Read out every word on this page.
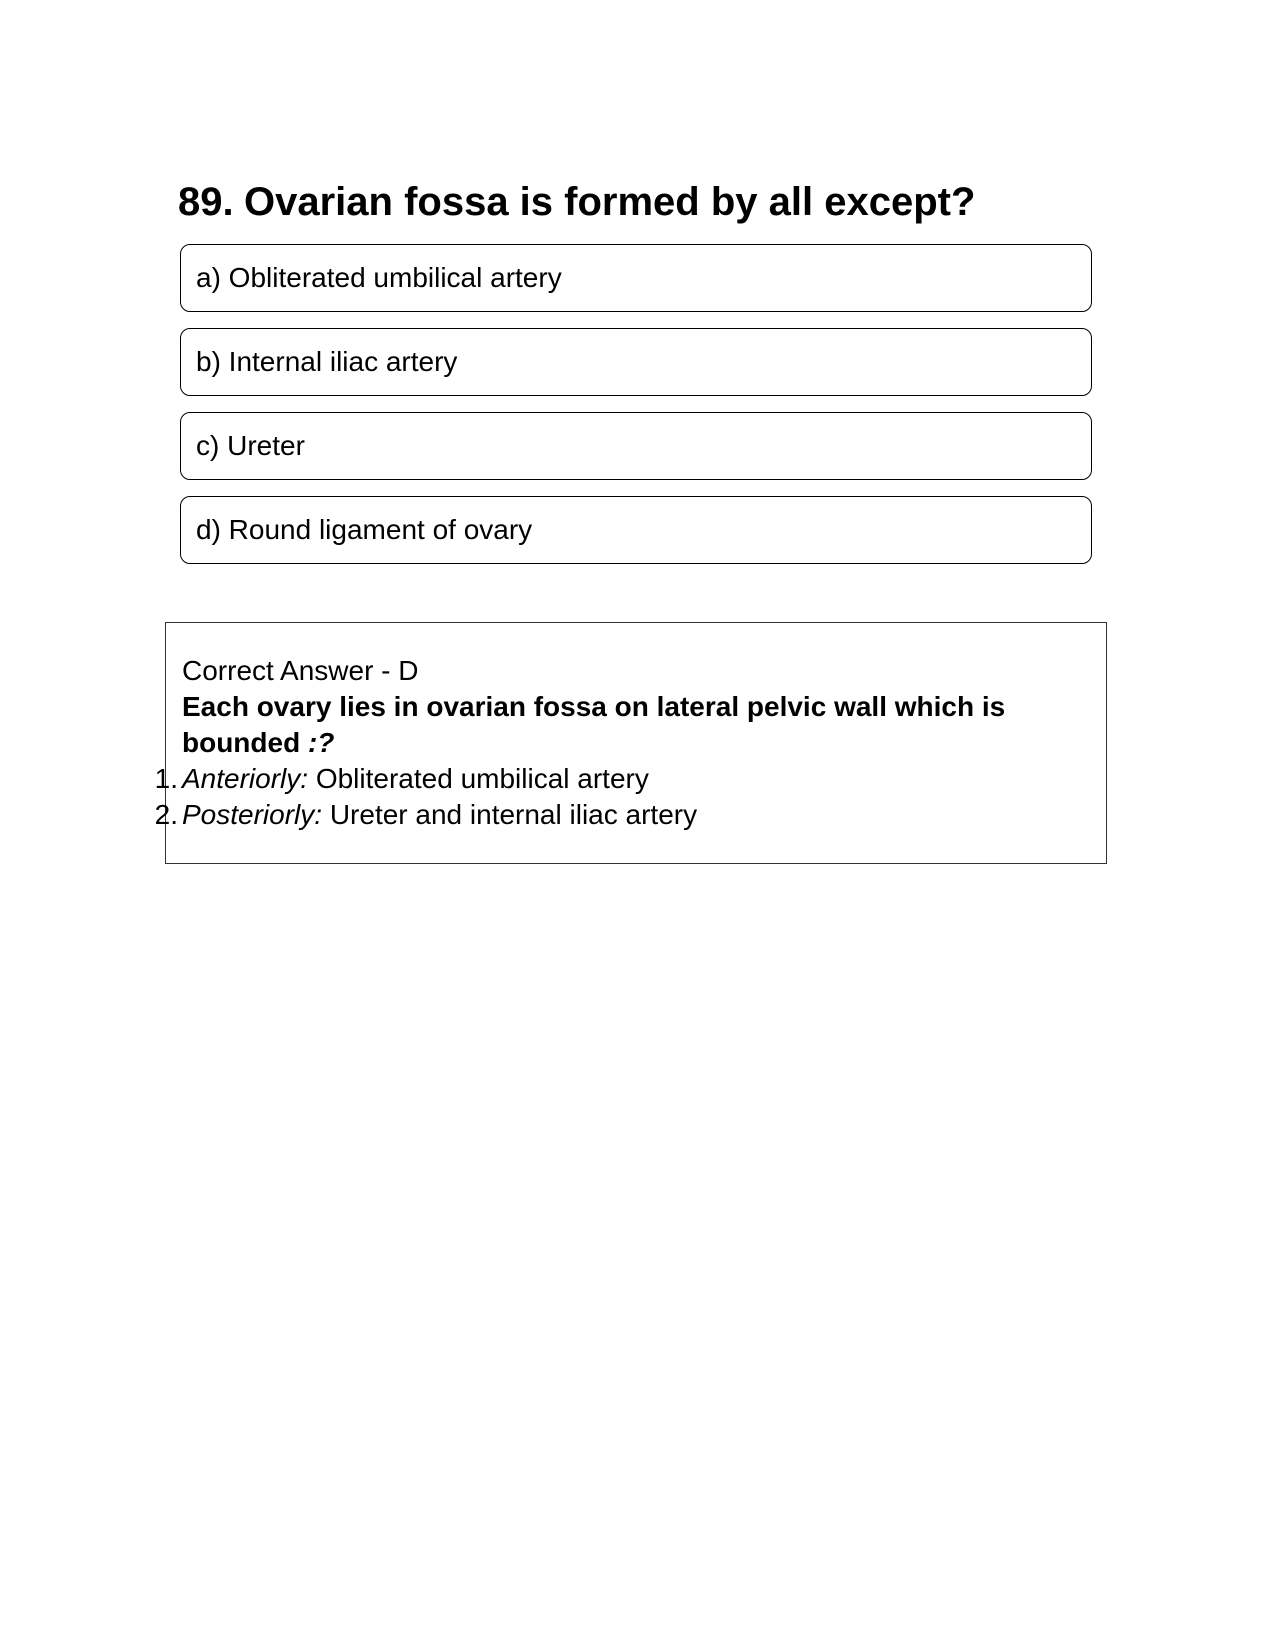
89. Ovarian fossa is formed by all except?
a) Obliterated umbilical artery
b) Internal iliac artery
c) Ureter
d) Round ligament of ovary
Correct Answer - D
Each ovary lies in ovarian fossa on lateral pelvic wall which is bounded :?
1. Anteriorly: Obliterated umbilical artery
2. Posteriorly: Ureter and internal iliac artery
